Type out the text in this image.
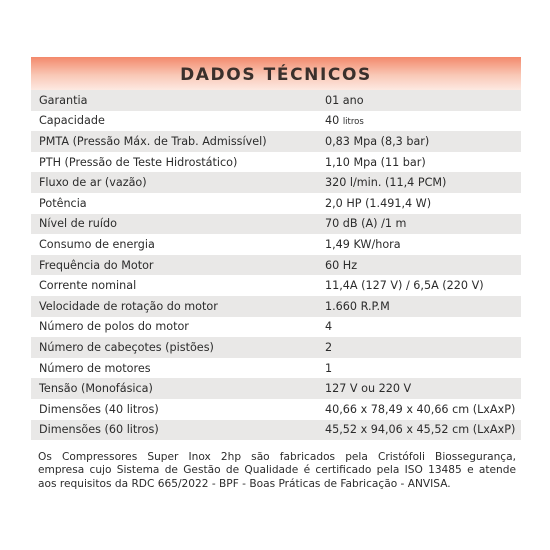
DADOS TÉCNICOS
Garantia	01 ano
Capacidade	40 litros
PMTA (Pressão Máx. de Trab. Admissível)	0,83 Mpa (8,3 bar)
PTH (Pressão de Teste Hidrostático)	1,10 Mpa (11 bar)
Fluxo de ar (vazão)	320 l/min. (11,4 PCM)
Potência	2,0 HP (1.491,4 W)
Nível de ruído	70 dB (A) /1 m
Consumo de energia	1,49 KW/hora
Frequência do Motor	60 Hz
Corrente nominal	11,4A (127 V) / 6,5A (220 V)
Velocidade de rotação do motor	1.660 R.P.M
Número de polos do motor	4
Número de cabeçotes (pistões)	2
Número de motores	1
Tensão (Monofásica)	127 V ou 220 V
Dimensões (40 litros)	40,66 x 78,49 x 40,66 cm (LxAxP)
Dimensões (60 litros)	45,52 x 94,06 x 45,52 cm (LxAxP)
Os Compressores Super Inox 2hp são fabricados pela Cristófoli Biossegurança,
empresa cujo Sistema de Gestão de Qualidade é certificado pela ISO 13485 e atende
aos requisitos da RDC 665/2022 - BPF - Boas Práticas de Fabricação - ANVISA.
